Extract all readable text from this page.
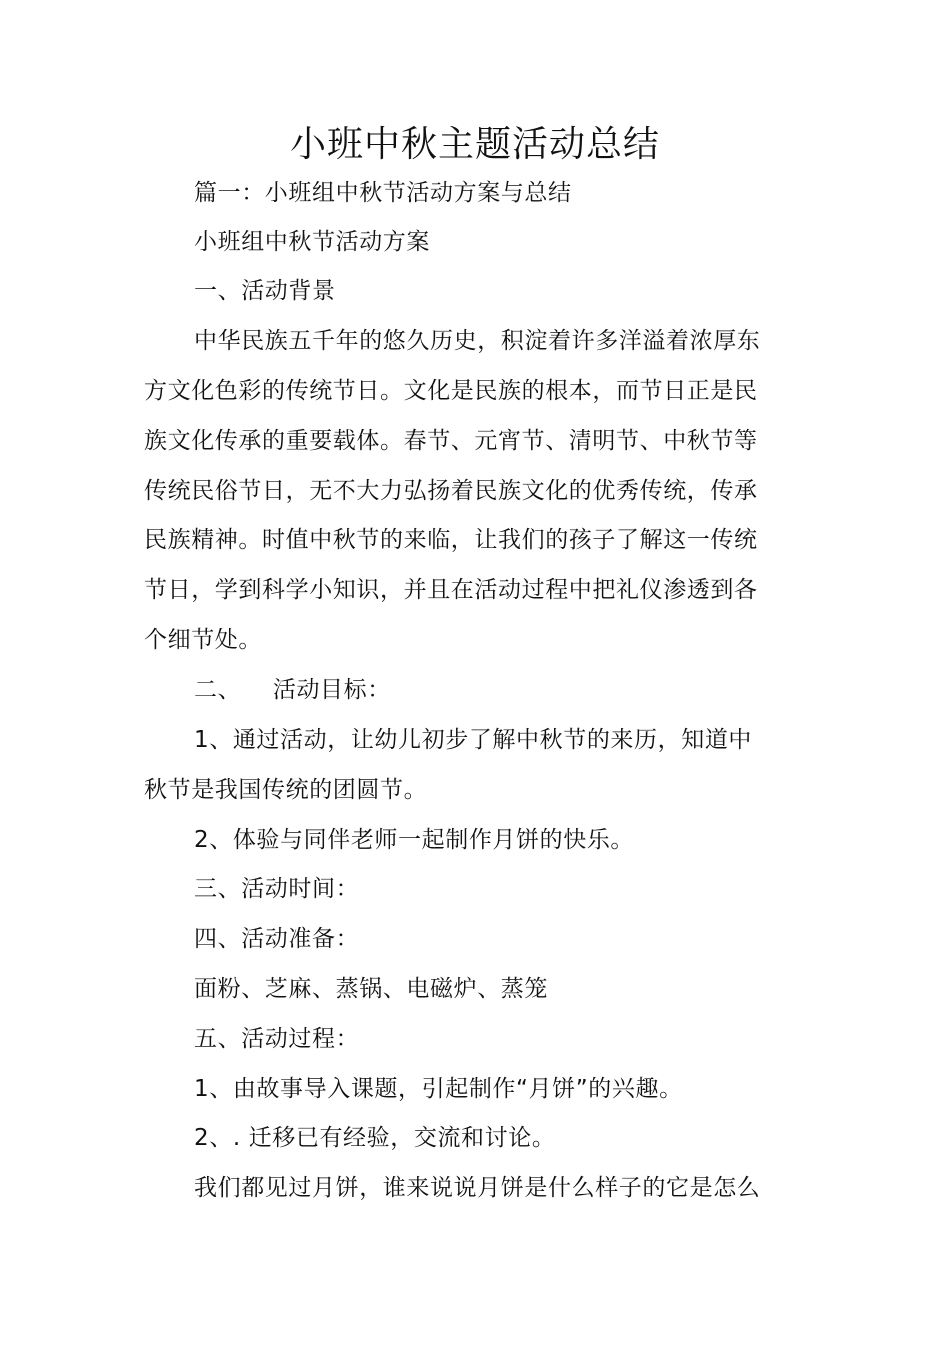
小班中秋主题活动总结

篇一：小班组中秋节活动方案与总结

小班组中秋节活动方案

一、活动背景

中华民族五千年的悠久历史，积淀着许多洋溢着浓厚东

方文化色彩的传统节日。文化是民族的根本，而节日正是民

族文化传承的重要载体。春节、元宵节、清明节、中秋节等

传统民俗节日，无不大力弘扬着民族文化的优秀传统，传承

民族精神。时值中秋节的来临，让我们的孩子了解这一传统

节日，学到科学小知识，并且在活动过程中把礼仪渗透到各

个细节处。

二、    活动目标：

1、通过活动，让幼儿初步了解中秋节的来历，知道中

秋节是我国传统的团圆节。

2、体验与同伴老师一起制作月饼的快乐。

三、活动时间：

四、活动准备：

面粉、芝麻、蒸锅、电磁炉、蒸笼

五、活动过程：

1、由故事导入课题，引起制作“月饼”的兴趣。

2、. 迁移已有经验，交流和讨论。

我们都见过月饼，谁来说说月饼是什么样子的它是怎么
